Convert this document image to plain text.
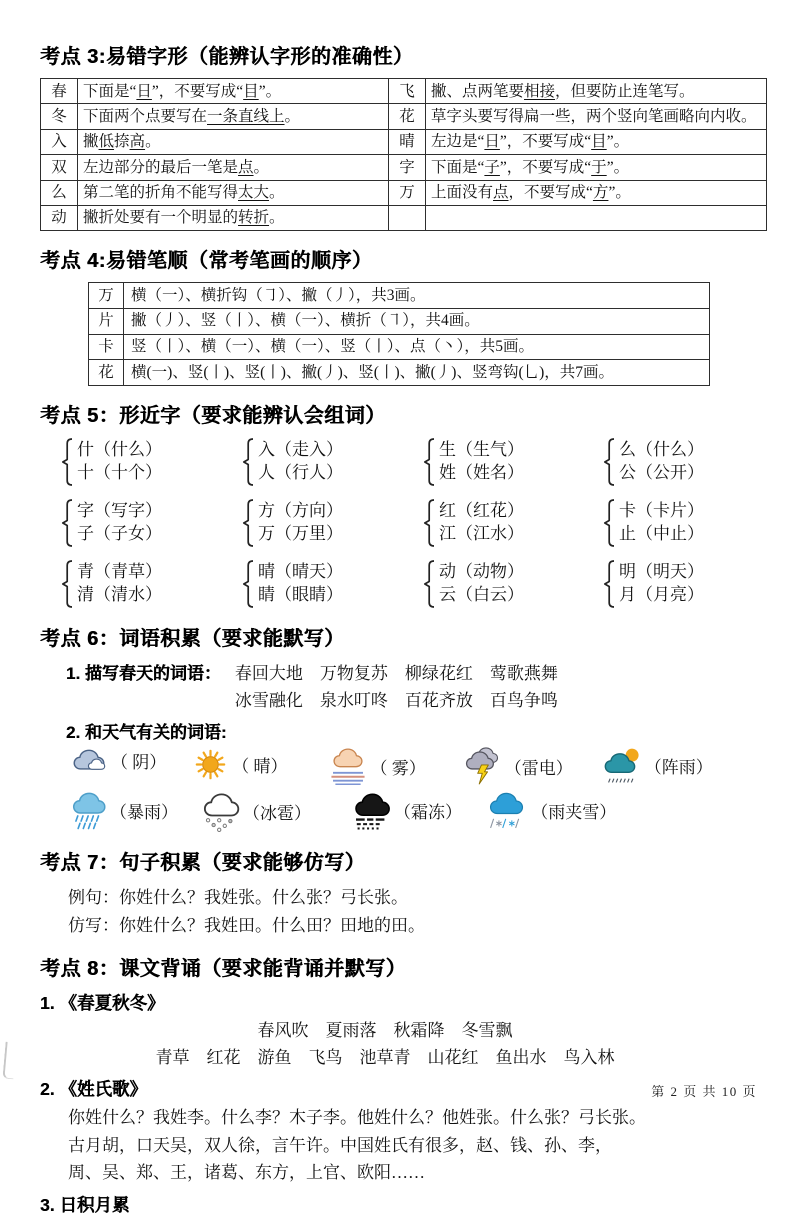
考点 3:易错字形（能辨认字形的准确性）
春	下面是“日”，不要写成“目”。	飞	撇、点两笔要相接，但要防止连笔写。
冬	下面两个点要写在一条直线上。	花	草字头要写得扁一些，两个竖向笔画略向内收。
入	撇低捺高。	晴	左边是“日”，不要写成“目”。
双	左边部分的最后一笔是点。	字	下面是“子”，不要写成“于”。
么	第二笔的折角不能写得太大。	万	上面没有点，不要写成“方”。
动	撇折处要有一个明显的转折。		
考点 4:易错笔顺（常考笔画的顺序）
万	横（一）、横折钩（㇆）、撇（丿），共3画。
片	撇（丿）、竖（丨）、横（一）、横折（㇕），共4画。
卡	竖（丨）、横（一）、横（一）、竖（丨）、点（丶），共5画。
花	横(一)、竖(丨)、竖(丨)、撇(丿)、竖(丨)、撇(丿)、竖弯钩(乚)，共7画。
考点 5：形近字（要求能辨认会组词）
什（什么）
十（十个）
入（走入）
人（行人）
生（生气）
姓（姓名）
么（什么）
公（公开）
字（写字）
子（子女）
方（方向）
万（万里）
红（红花）
江（江水）
卡（卡片）
止（中止）
青（青草）
清（清水）
晴（晴天）
睛（眼睛）
动（动物）
云（白云）
明（明天）
月（月亮）
考点 6：词语积累（要求能默写）
1. 描写春天的词语： 春回大地　万物复苏　柳绿花红　莺歌燕舞
冰雪融化　泉水叮咚　百花齐放　百鸟争鸣
2. 和天气有关的词语:
（ 阴）	（ 晴）	（ 雾）	（雷电）	（阵雨）
（暴雨）	（冰雹）	（霜冻）	（雨夹雪）
考点 7：句子积累（要求能够仿写）
例句：你姓什么？我姓张。什么张？弓长张。
仿写：你姓什么？我姓田。什么田？田地的田。
考点 8：课文背诵（要求能背诵并默写）
1. 《春夏秋冬》
春风吹　夏雨落　秋霜降　冬雪飘
青草　红花　游鱼　飞鸟　池草青　山花红　鱼出水　鸟入林
2. 《姓氏歌》
你姓什么？我姓李。什么李？木子李。他姓什么？他姓张。什么张？弓长张。
古月胡，口天吴，双人徐，言午许。中国姓氏有很多，赵、钱、孙、李，
周、吴、郑、王，诸葛、东方，上官、欧阳……
3. 日积月累
第 2 页 共 10 页
